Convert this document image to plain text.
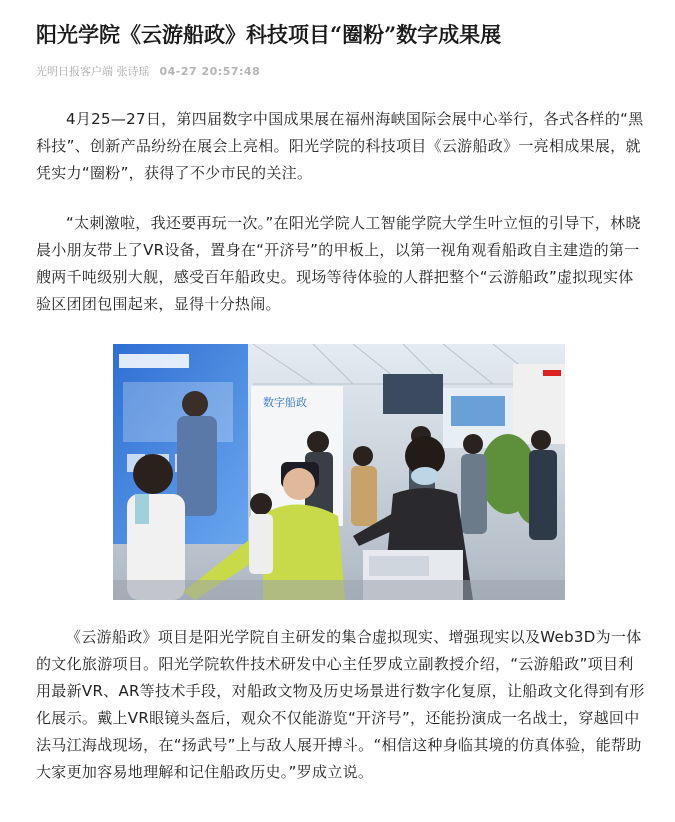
阳光学院《云游船政》科技项目“圈粉”数字成果展
光明日报客户端 张诗瑶 04-27 20:57:48

4月25—27日，第四届数字中国成果展在福州海峡国际会展中心举行，各式各样的“黑科技”、创新产品纷纷在展会上亮相。阳光学院的科技项目《云游船政》一亮相成果展，就凭实力“圈粉”，获得了不少市民的关注。

“太刺激啦，我还要再玩一次。”在阳光学院人工智能学院大学生叶立恒的引导下，林晓晨小朋友带上了VR设备，置身在“开济号”的甲板上，以第一视角观看船政自主建造的第一艘两千吨级别大舰，感受百年船政史。现场等待体验的人群把整个“云游船政”虚拟现实体验区团团包围起来，显得十分热闹。

数字船政

《云游船政》项目是阳光学院自主研发的集合虚拟现实、增强现实以及Web3D为一体的文化旅游项目。阳光学院软件技术研发中心主任罗成立副教授介绍，“云游船政”项目利用最新VR、AR等技术手段，对船政文物及历史场景进行数字化复原，让船政文化得到有形化展示。戴上VR眼镜头盔后，观众不仅能游览“开济号”，还能扮演成一名战士，穿越回中法马江海战现场，在“扬武号”上与敌人展开搏斗。“相信这种身临其境的仿真体验，能帮助大家更加容易地理解和记住船政历史。”罗成立说。
